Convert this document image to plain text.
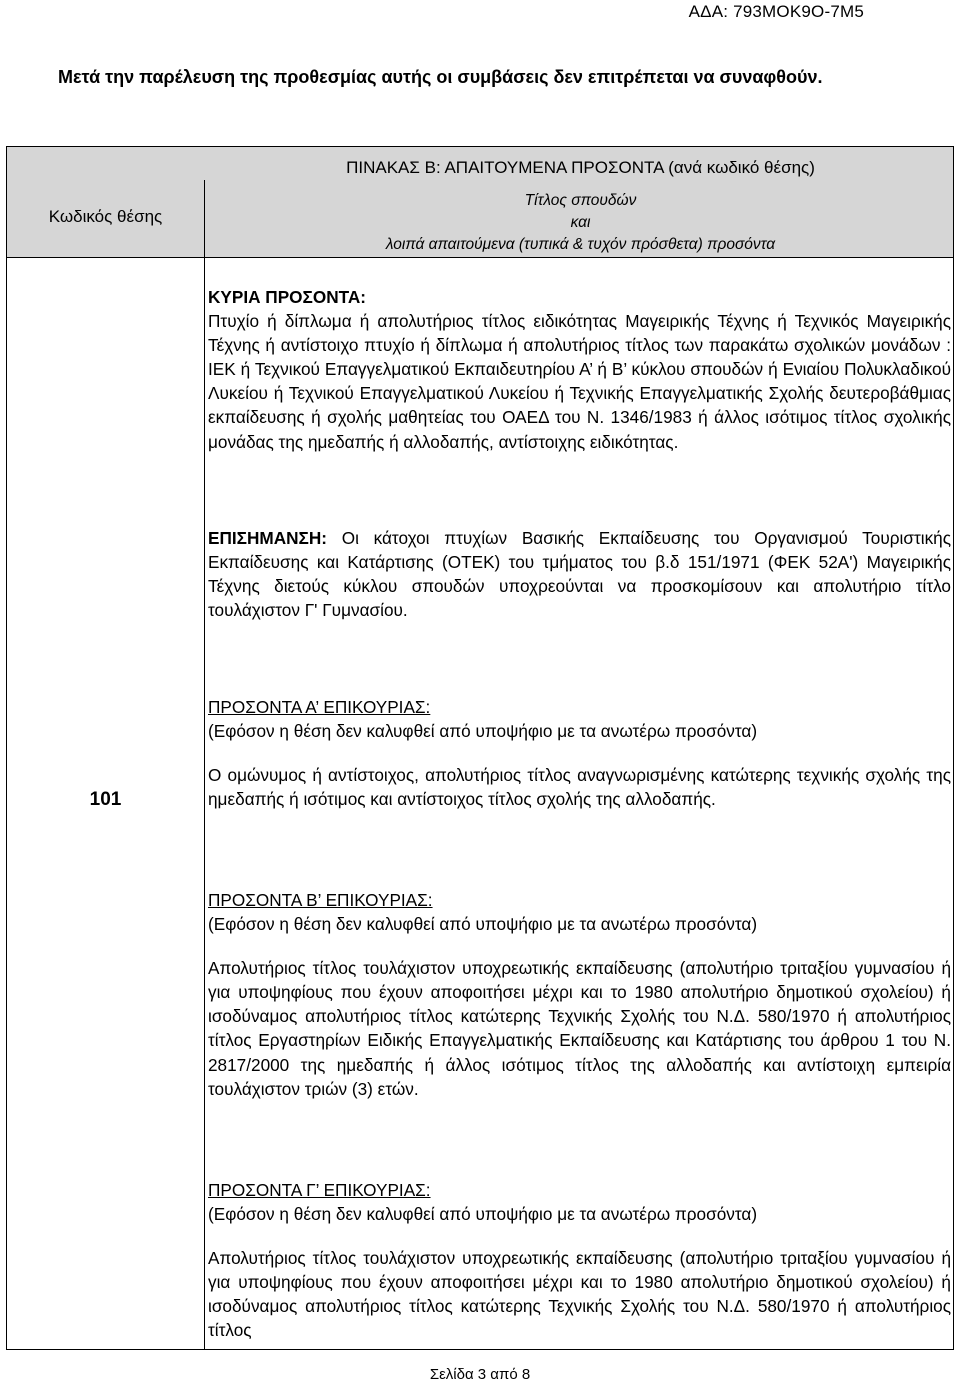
ΑΔΑ: 793ΜΟΚ9Ο-7Μ5
Μετά την παρέλευση της προθεσμίας αυτής οι συμβάσεις δεν επιτρέπεται να συναφθούν.
ΠΙΝΑΚΑΣ Β: ΑΠΑΙΤΟΥΜΕΝΑ ΠΡΟΣΟΝΤΑ (ανά κωδικό θέσης)
Κωδικός θέσης
Τίτλος σπουδών
και
λοιπά απαιτούμενα (τυπικά & τυχόν πρόσθετα) προσόντα
101
ΚΥΡΙΑ ΠΡΟΣΟΝΤΑ:

Πτυχίο ή δίπλωμα ή απολυτήριος τίτλος ειδικότητας Μαγειρικής Τέχνης ή Τεχνικός Μαγειρικής Τέχνης ή αντίστοιχο πτυχίο ή δίπλωμα ή απολυτήριος τίτλος των παρακάτω σχολικών μονάδων : ΙΕΚ ή Τεχνικού Επαγγελματικού Εκπαιδευτηρίου Α’ ή Β’ κύκλου σπουδών ή Ενιαίου Πολυκλαδικού Λυκείου ή Τεχνικού Επαγγελματικού Λυκείου ή Τεχνικής Επαγγελματικής Σχολής δευτεροβάθμιας εκπαίδευσης ή σχολής μαθητείας του ΟΑΕΔ του Ν. 1346/1983 ή άλλος ισότιμος τίτλος σχολικής μονάδας της ημεδαπής ή αλλοδαπής, αντίστοιχης ειδικότητας.

ΕΠΙΣΗΜΑΝΣΗ: Οι κάτοχοι πτυχίων Βασικής Εκπαίδευσης του Οργανισμού Τουριστικής Εκπαίδευσης και Κατάρτισης (ΟΤΕΚ) του τμήματος του β.δ 151/1971 (ΦΕΚ 52Α') Μαγειρικής Τέχνης διετούς κύκλου σπουδών υποχρεούνται να προσκομίσουν και απολυτήριο τίτλο τουλάχιστον Γ' Γυμνασίου.

ΠΡΟΣΟΝΤΑ Α’ ΕΠΙΚΟΥΡΙΑΣ:
(Εφόσον η θέση δεν καλυφθεί από υποψήφιο με τα ανωτέρω προσόντα)

Ο ομώνυμος ή αντίστοιχος, απολυτήριος τίτλος αναγνωρισμένης κατώτερης τεχνικής σχολής της ημεδαπής ή ισότιμος και αντίστοιχος τίτλος σχολής της αλλοδαπής.

ΠΡΟΣΟΝΤΑ Β’ ΕΠΙΚΟΥΡΙΑΣ:
(Εφόσον η θέση δεν καλυφθεί από υποψήφιο με τα ανωτέρω προσόντα)

Απολυτήριος τίτλος τουλάχιστον υποχρεωτικής εκπαίδευσης (απολυτήριο τριταξίου γυμνασίου ή για υποψηφίους που έχουν αποφοιτήσει μέχρι και το 1980 απολυτήριο δημοτικού σχολείου) ή ισοδύναμος απολυτήριος τίτλος κατώτερης Τεχνικής Σχολής του Ν.Δ. 580/1970 ή απολυτήριος τίτλος Εργαστηρίων Ειδικής Επαγγελματικής Εκπαίδευσης και Κατάρτισης του άρθρου 1 του Ν. 2817/2000 της ημεδαπής ή άλλος ισότιμος τίτλος της αλλοδαπής και αντίστοιχη εμπειρία τουλάχιστον τριών (3) ετών.

ΠΡΟΣΟΝΤΑ Γ’ ΕΠΙΚΟΥΡΙΑΣ:
(Εφόσον η θέση δεν καλυφθεί από υποψήφιο με τα ανωτέρω προσόντα)

Απολυτήριος τίτλος τουλάχιστον υποχρεωτικής εκπαίδευσης (απολυτήριο τριταξίου γυμνασίου ή για υποψηφίους που έχουν αποφοιτήσει μέχρι και το 1980 απολυτήριο δημοτικού σχολείου) ή ισοδύναμος απολυτήριος τίτλος κατώτερης Τεχνικής Σχολής του Ν.Δ. 580/1970 ή απολυτήριος τίτλος

Σελίδα 3 από 8
